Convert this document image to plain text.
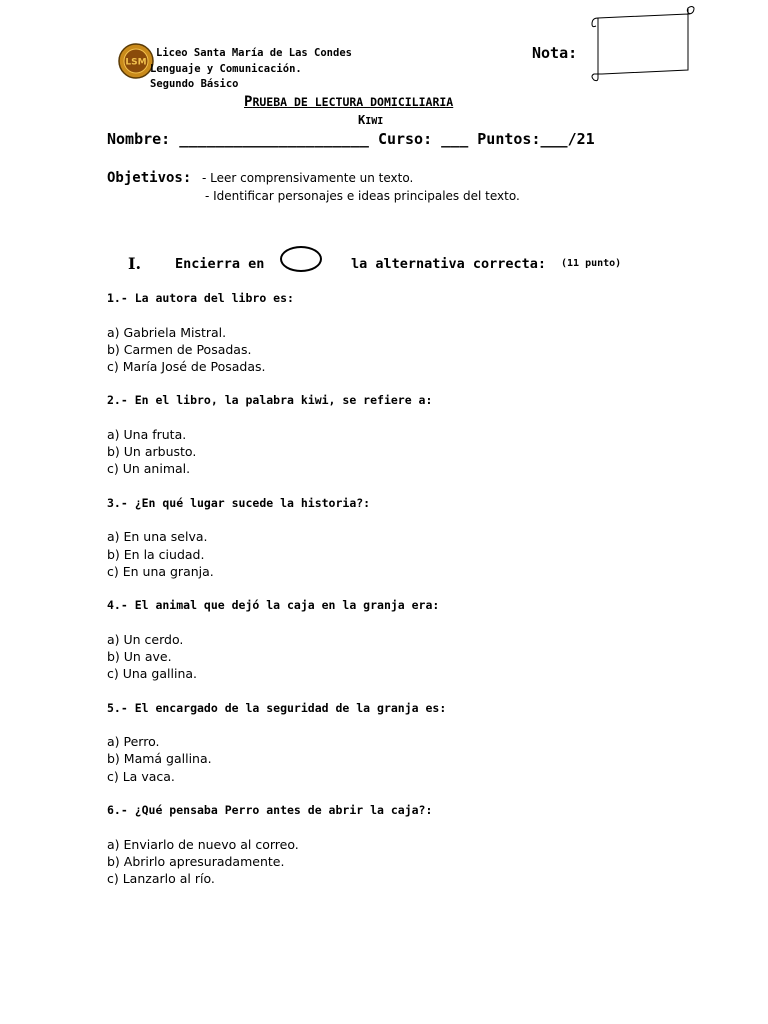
LSM
Liceo Santa María de Las Condes
Lenguaje y Comunicación.
Segundo Básico
Nota:
PRUEBA DE LECTURA DOMICILIARIA
KIWI
Nombre: _____________________ Curso: ___ Puntos:___/21
Objetivos: - Leer comprensivamente un texto.
- Identificar personajes e ideas principales del texto.
I.	Encierra en	la alternativa correcta: (11 punto)
1.- La autora del libro es:
a) Gabriela Mistral.
b) Carmen de Posadas.
c) María José de Posadas.
2.- En el libro, la palabra kiwi, se refiere a:
a) Una fruta.
b) Un arbusto.
c) Un animal.
3.- ¿En qué lugar sucede la historia?:
a) En una selva.
b) En la ciudad.
c) En una granja.
4.- El animal que dejó la caja en la granja era:
a) Un cerdo.
b) Un ave.
c) Una gallina.
5.- El encargado de la seguridad de la granja es:
a) Perro.
b) Mamá gallina.
c) La vaca.
6.- ¿Qué pensaba Perro antes de abrir la caja?:
a) Enviarlo de nuevo al correo.
b) Abrirlo apresuradamente.
c) Lanzarlo al río.
